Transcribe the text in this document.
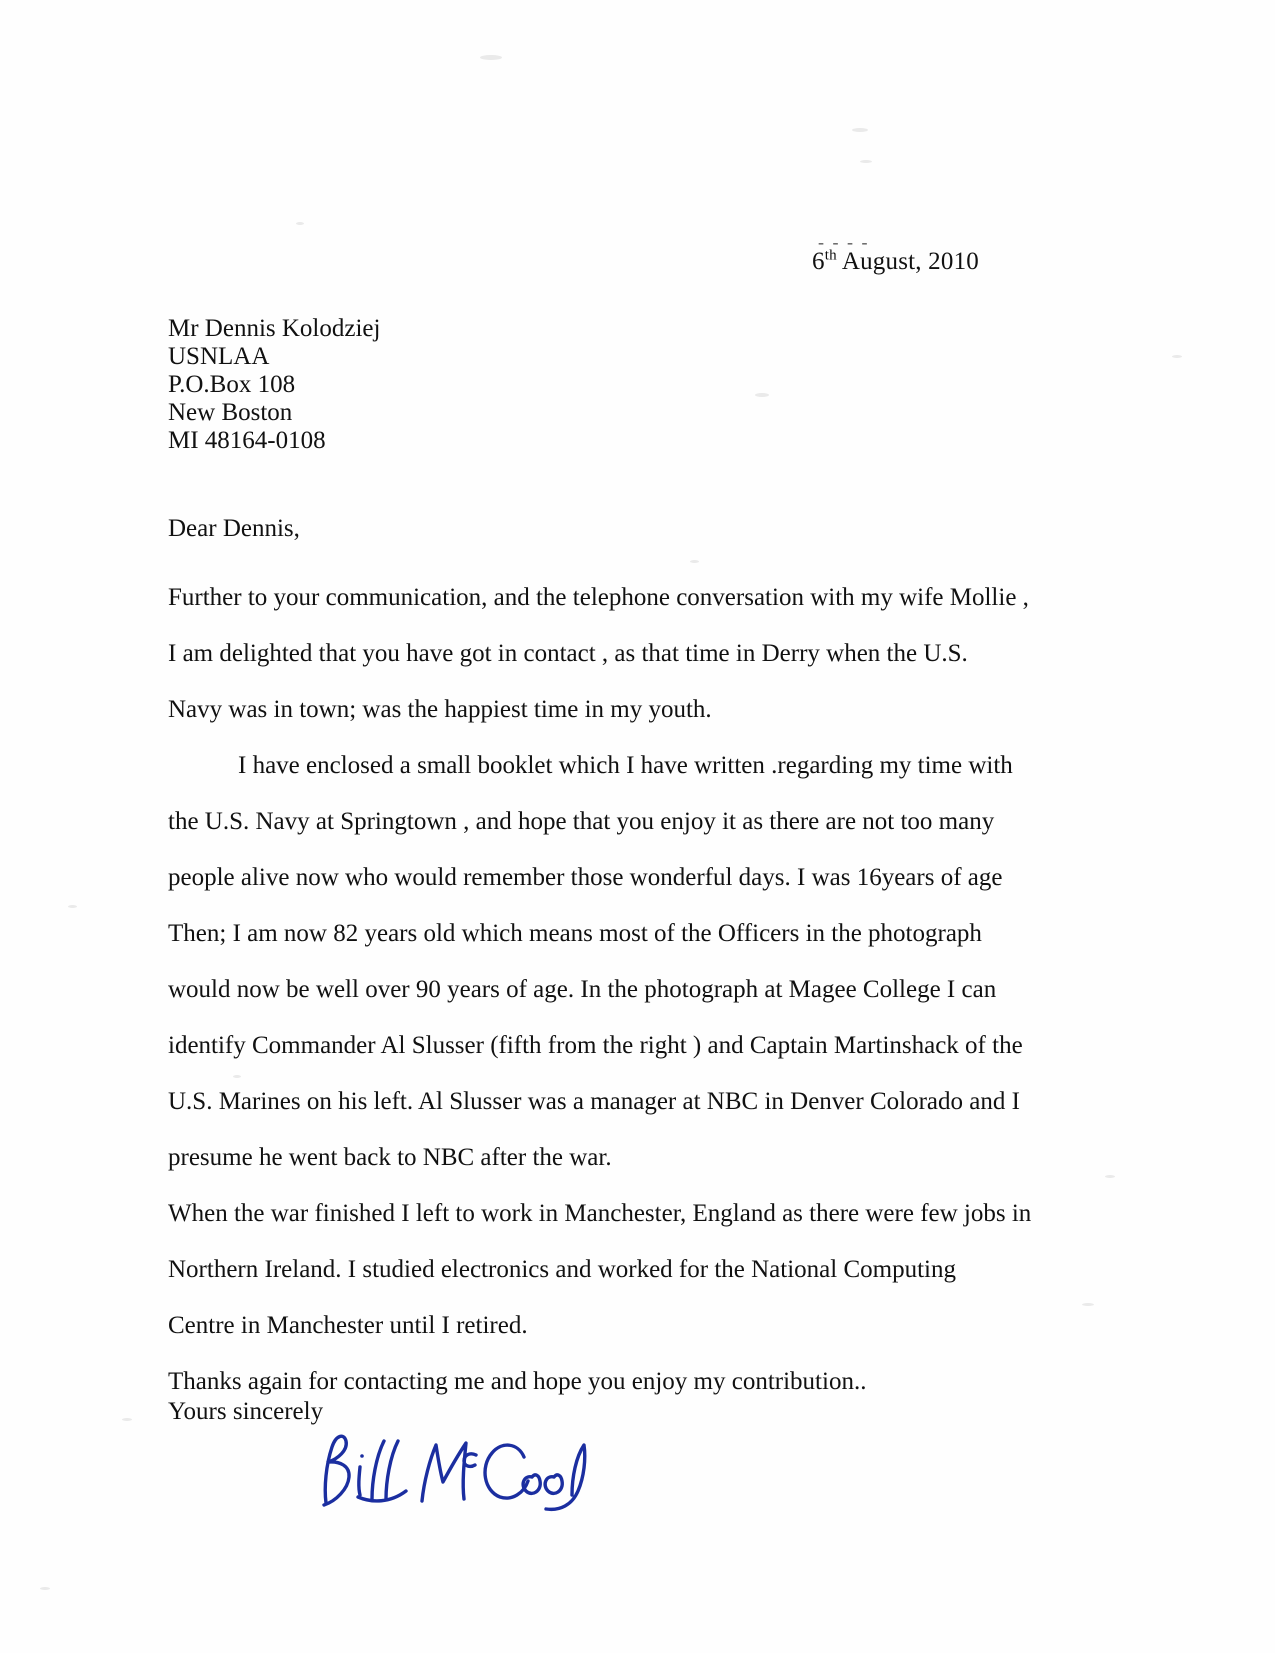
- - - -
6th August, 2010
Mr Dennis Kolodziej
USNLAA
P.O.Box 108
New Boston
MI 48164-0108
Dear Dennis,

Further to your communication, and the telephone conversation with my wife Mollie ,

I am delighted that you have got in contact , as that time in Derry when the U.S.

Navy was in town; was the happiest time in my youth.

I have enclosed a small booklet which I have written .regarding my time with

the U.S. Navy at Springtown , and hope that you enjoy it as there are not too many

people alive now who would remember those wonderful days. I was 16years of age

Then; I am now 82 years old which means most of the Officers in the photograph

would now be well over 90 years of age. In the photograph at Magee College I can

identify Commander Al Slusser (fifth from the right ) and Captain Martinshack of the

U.S. Marines on his left. Al Slusser was a manager at NBC in Denver Colorado and I

presume he went back to NBC after the war.

When the war finished I left to work in Manchester, England as there were few jobs in

Northern Ireland. I studied electronics and worked for the National Computing

Centre in Manchester until I retired.

Thanks again for contacting me and hope you enjoy my contribution..

Yours sincerely
